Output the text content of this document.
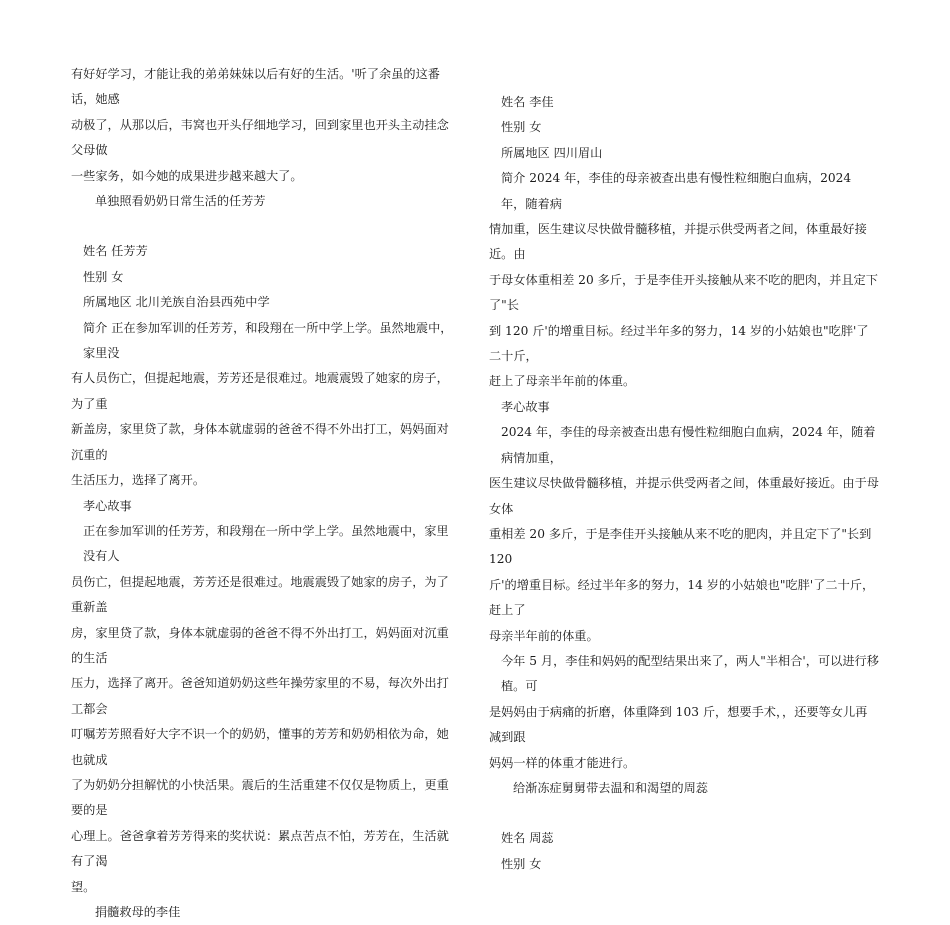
有好好学习，才能让我的弟弟妹妹以后有好的生活。'听了余虽的这番话，她感

动极了，从那以后，韦窝也开头仔细地学习，回到家里也开头主动挂念父母做

一些家务，如今她的成果进步越来越大了。

单独照看奶奶日常生活的任芳芳

姓名 任芳芳

性别 女

所属地区 北川羌族自治县西苑中学

简介 正在参加军训的任芳芳，和段翔在一所中学上学。虽然地震中，家里没

有人员伤亡，但提起地震，芳芳还是很难过。地震震毁了她家的房子，为了重

新盖房，家里贷了款，身体本就虚弱的爸爸不得不外出打工，妈妈面对沉重的

生活压力，选择了离开。

孝心故事

正在参加军训的任芳芳，和段翔在一所中学上学。虽然地震中，家里没有人

员伤亡，但提起地震，芳芳还是很难过。地震震毁了她家的房子，为了重新盖

房，家里贷了款，身体本就虚弱的爸爸不得不外出打工，妈妈面对沉重的生活

压力，选择了离开。爸爸知道奶奶这些年操劳家里的不易，每次外出打工都会

叮嘱芳芳照看好大字不识一个的奶奶，懂事的芳芳和奶奶相依为命，她也就成

了为奶奶分担解忧的小快活果。震后的生活重建不仅仅是物质上，更重要的是

心理上。爸爸拿着芳芳得来的奖状说：累点苦点不怕，芳芳在，生活就有了渴

望。

捐髓救母的李佳

姓名 李佳

性别 女

所属地区 四川眉山

简介 2024 年，李佳的母亲被查出患有慢性粒细胞白血病，2024 年，随着病

情加重，医生建议尽快做骨髓移植，并提示供受两者之间，体重最好接近。由

于母女体重相差 20 多斤，于是李佳开头接触从来不吃的肥肉，并且定下了"长

到 120 斤'的增重目标。经过半年多的努力，14 岁的小姑娘也"吃胖'了二十斤，

赶上了母亲半年前的体重。

孝心故事

2024 年，李佳的母亲被查出患有慢性粒细胞白血病，2024 年，随着病情加重，

医生建议尽快做骨髓移植，并提示供受两者之间，体重最好接近。由于母女体

重相差 20 多斤，于是李佳开头接触从来不吃的肥肉，并且定下了"长到 120

斤'的增重目标。经过半年多的努力，14 岁的小姑娘也"吃胖'了二十斤，赶上了

母亲半年前的体重。

今年 5 月，李佳和妈妈的配型结果出来了，两人"半相合'，可以进行移植。可

是妈妈由于病痛的折磨，体重降到 103 斤，想要手术，，还要等女儿再减到跟

妈妈一样的体重才能进行。

给渐冻症舅舅带去温和和渴望的周蕊

姓名 周蕊

性别 女
